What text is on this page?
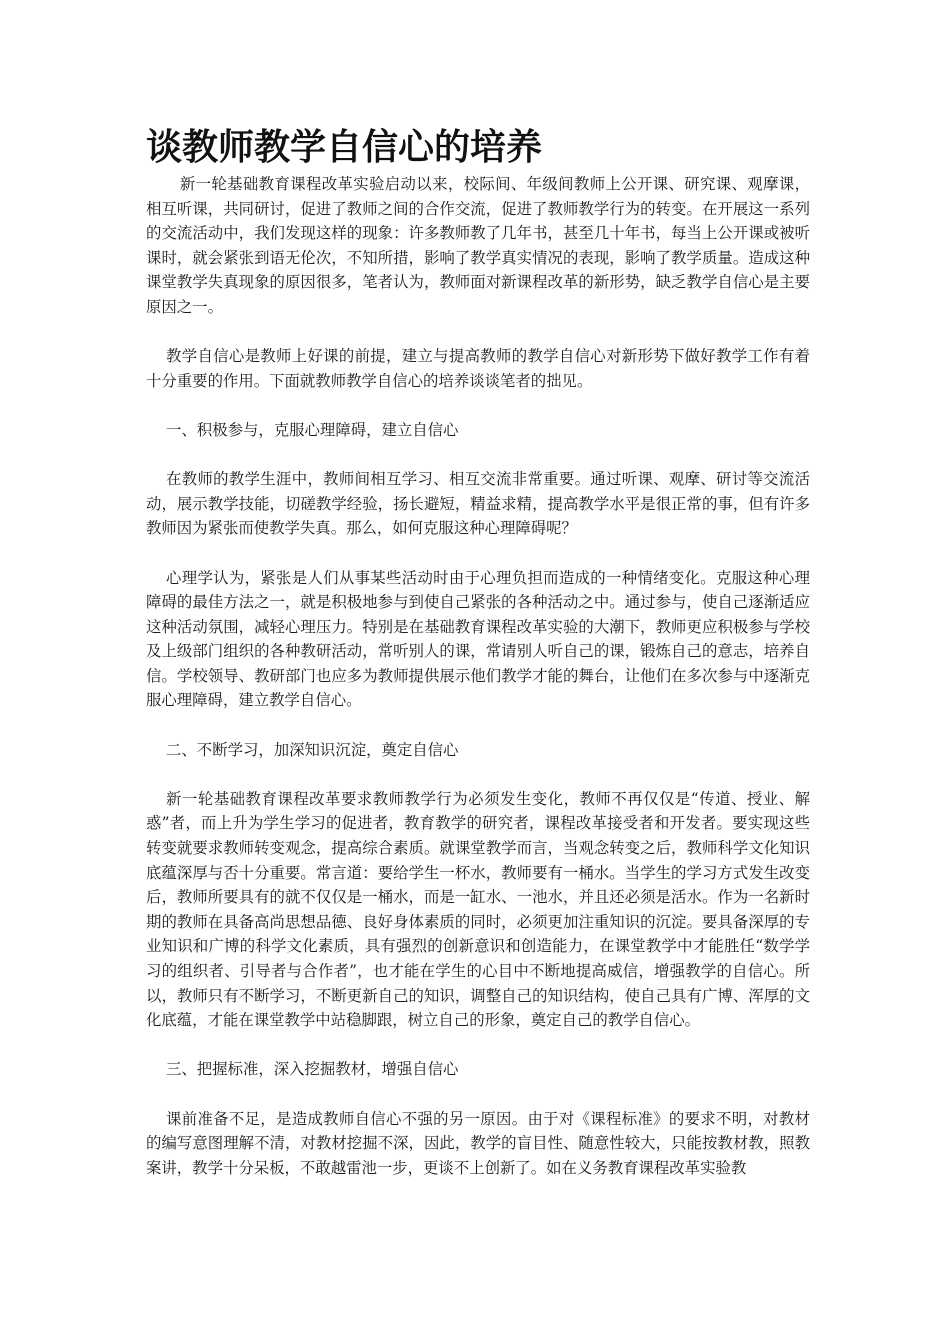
谈教师教学自信心的培养

新一轮基础教育课程改革实验启动以来，校际间、年级间教师上公开课、研究课、观摩课，相互听课，共同研讨，促进了教师之间的合作交流，促进了教师教学行为的转变。在开展这一系列的交流活动中，我们发现这样的现象：许多教师教了几年书，甚至几十年书，每当上公开课或被听课时，就会紧张到语无伦次，不知所措，影响了教学真实情况的表现，影响了教学质量。造成这种课堂教学失真现象的原因很多，笔者认为，教师面对新课程改革的新形势，缺乏教学自信心是主要原因之一。

教学自信心是教师上好课的前提，建立与提高教师的教学自信心对新形势下做好教学工作有着十分重要的作用。下面就教师教学自信心的培养谈谈笔者的拙见。

一、积极参与，克服心理障碍，建立自信心

在教师的教学生涯中，教师间相互学习、相互交流非常重要。通过听课、观摩、研讨等交流活动，展示教学技能，切磋教学经验，扬长避短，精益求精，提高教学水平是很正常的事，但有许多教师因为紧张而使教学失真。那么，如何克服这种心理障碍呢？

心理学认为，紧张是人们从事某些活动时由于心理负担而造成的一种情绪变化。克服这种心理障碍的最佳方法之一，就是积极地参与到使自己紧张的各种活动之中。通过参与，使自己逐渐适应这种活动氛围，减轻心理压力。特别是在基础教育课程改革实验的大潮下，教师更应积极参与学校及上级部门组织的各种教研活动，常听别人的课，常请别人听自己的课，锻炼自己的意志，培养自信。学校领导、教研部门也应多为教师提供展示他们教学才能的舞台，让他们在多次参与中逐渐克服心理障碍，建立教学自信心。

二、不断学习，加深知识沉淀，奠定自信心

新一轮基础教育课程改革要求教师教学行为必须发生变化，教师不再仅仅是“传道、授业、解惑”者，而上升为学生学习的促进者，教育教学的研究者，课程改革接受者和开发者。要实现这些转变就要求教师转变观念，提高综合素质。就课堂教学而言，当观念转变之后，教师科学文化知识底蕴深厚与否十分重要。常言道：要给学生一杯水，教师要有一桶水。当学生的学习方式发生改变后，教师所要具有的就不仅仅是一桶水，而是一缸水、一池水，并且还必须是活水。作为一名新时期的教师在具备高尚思想品德、良好身体素质的同时，必须更加注重知识的沉淀。要具备深厚的专业知识和广博的科学文化素质，具有强烈的创新意识和创造能力，在课堂教学中才能胜任“数学学习的组织者、引导者与合作者”，也才能在学生的心目中不断地提高威信，增强教学的自信心。所以，教师只有不断学习，不断更新自己的知识，调整自己的知识结构，使自己具有广博、浑厚的文化底蕴，才能在课堂教学中站稳脚跟，树立自己的形象，奠定自己的教学自信心。

三、把握标准，深入挖掘教材，增强自信心

课前准备不足，是造成教师自信心不强的另一原因。由于对《课程标准》的要求不明，对教材的编写意图理解不清，对教材挖掘不深，因此，教学的盲目性、随意性较大，只能按教材教，照教案讲，教学十分呆板，不敢越雷池一步，更谈不上创新了。如在义务教育课程改革实验教
